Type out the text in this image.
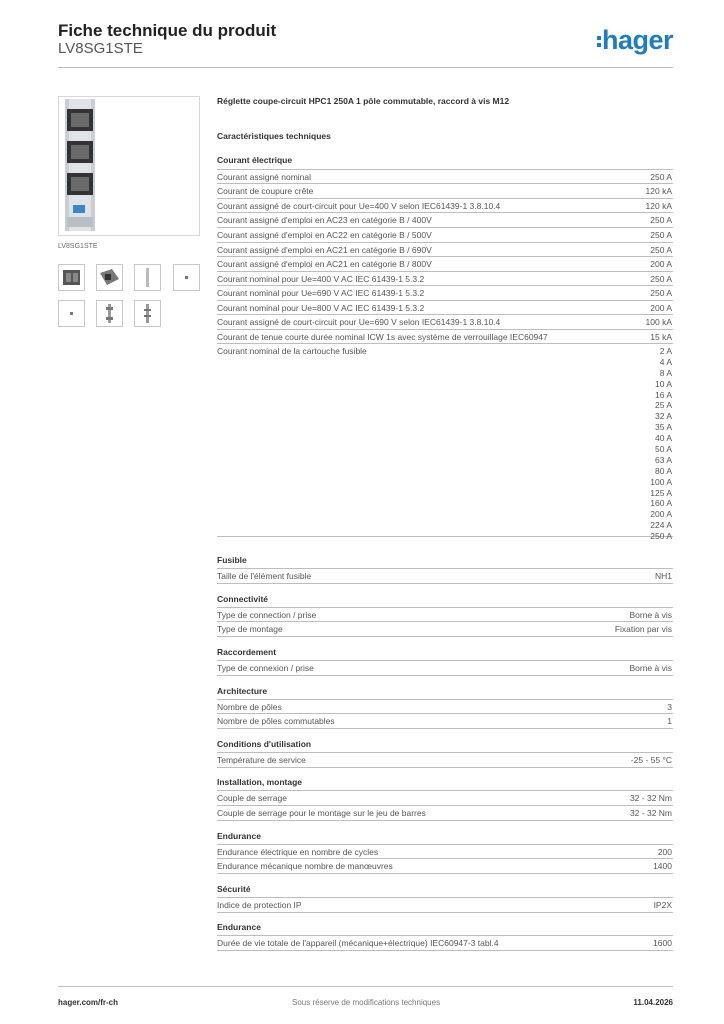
Fiche technique du produit
LV8SG1STE	hager
LV8SG1STE
Réglette coupe-circuit HPC1 250A 1 pôle commutable, raccord à vis M12
Caractéristiques techniques
Courant électrique
Courant assigné nominal	250 A
Courant de coupure crête	120 kA
Courant assigné de court-circuit pour Ue=400 V selon IEC61439-1 3.8.10.4	120 kA
Courant assigné d'emploi en AC23 en catégorie B / 400V	250 A
Courant assigné d'emploi en AC22 en catégorie B / 500V	250 A
Courant assigné d'emploi en AC21 en catégorie B / 690V	250 A
Courant assigné d'emploi en AC21 en catégorie B / 800V	200 A
Courant nominal pour Ue=400 V AC IEC 61439-1 5.3.2	250 A
Courant nominal pour Ue=690 V AC IEC 61439-1 5.3.2	250 A
Courant nominal pour Ue=800 V AC IEC 61439-1 5.3.2	200 A
Courant assigné de court-circuit pour Ue=690 V selon IEC61439-1 3.8.10.4	100 kA
Courant de tenue courte durée nominal ICW 1s avec système de verrouillage IEC60947	15 kA
Courant nominal de la cartouche fusible	2 A
4 A
8 A
10 A
16 A
25 A
32 A
35 A
40 A
50 A
63 A
80 A
100 A
125 A
160 A
200 A
224 A
250 A
Fusible
Taille de l'élément fusible	NH1
Connectivité
Type de connection / prise	Borne à vis
Type de montage	Fixation par vis
Raccordement
Type de connexion / prise	Borne à vis
Architecture
Nombre de pôles	3
Nombre de pôles commutables	1
Conditions d'utilisation
Température de service	-25 - 55 °C
Installation, montage
Couple de serrage	32 - 32 Nm
Couple de serrage pour le montage sur le jeu de barres	32 - 32 Nm
Endurance
Endurance électrique en nombre de cycles	200
Endurance mécanique nombre de manœuvres	1400
Sécurité
Indice de protection IP	IP2X
Endurance
Durée de vie totale de l'appareil (mécanique+électrique) IEC60947-3 tabl.4	1600
hager.com/fr-ch	Sous réserve de modifications techniques	11.04.2026
